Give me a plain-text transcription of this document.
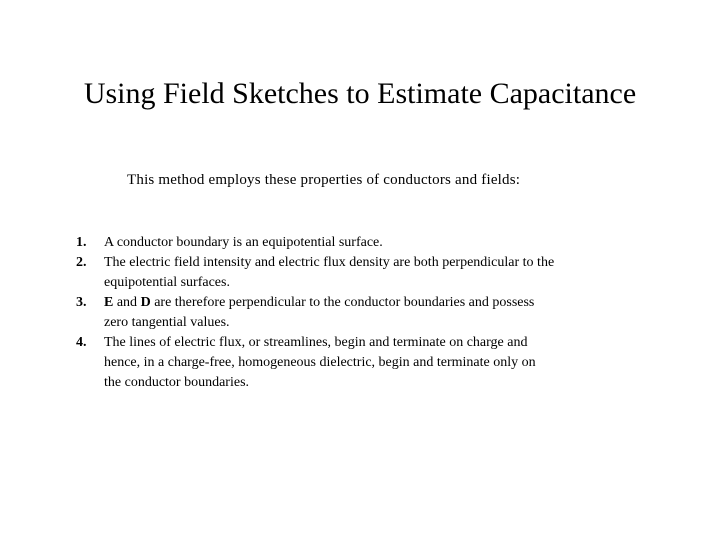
Using Field Sketches to Estimate Capacitance

This method employs these properties of conductors and fields:

1.	A conductor boundary is an equipotential surface.
2.	The electric field intensity and electric flux density are both perpendicular to the
equipotential surfaces.
3.	E and D are therefore perpendicular to the conductor boundaries and possess
zero tangential values.
4.	The lines of electric flux, or streamlines, begin and terminate on charge and
hence, in a charge-free, homogeneous dielectric, begin and terminate only on
the conductor boundaries.
